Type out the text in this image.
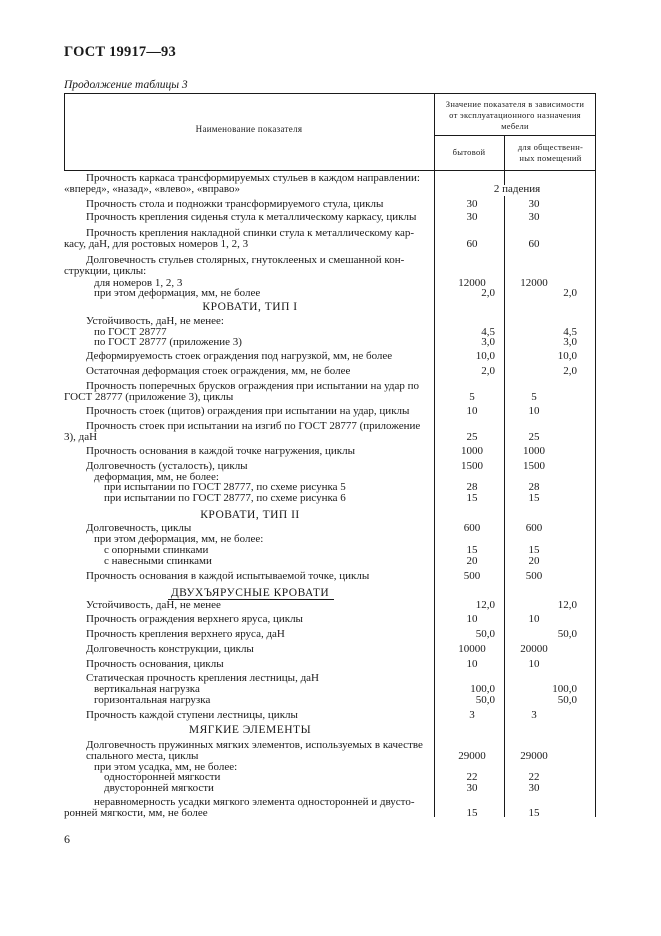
ГОСТ 19917—93
Продолжение таблицы 3
Наименование показателя
Значение показателя в зависимости
от эксплуатационного назначения
мебели
бытовой	для общественн-
ных помещений
Прочность каркаса трансформируемых стульев в каждом направлении:
«вперед», «назад», «влево», «вправо»	2 падения
Прочность стола и подножки трансформируемого стула, циклы	30	30
Прочность крепления сиденья стула к металлическому каркасу, циклы	30	30
Прочность крепления накладной спинки стула к металлическому кар-
касу, даН, для ростовых номеров 1, 2, 3	60	60
Долговечность стульев столярных, гнутоклееных и смешанной кон-
струкции, циклы:
для номеров 1, 2, 3	12000	12000
при этом деформация, мм, не более	2,0	2,0
КРОВАТИ, ТИП I
Устойчивость, даН, не менее:
по ГОСТ 28777	4,5	4,5
по ГОСТ 28777 (приложение 3)	3,0	3,0
Деформируемость стоек ограждения под нагрузкой, мм, не более	10,0	10,0
Остаточная деформация стоек ограждения, мм, не более	2,0	2,0
Прочность поперечных брусков ограждения при испытании на удар по
ГОСТ 28777 (приложение 3), циклы	5	5
Прочность стоек (щитов) ограждения при испытании на удар, циклы	10	10
Прочность стоек при испытании на изгиб по ГОСТ 28777 (приложение
3), даН	25	25
Прочность основания в каждой точке нагружения, циклы	1000	1000
Долговечность (усталость), циклы	1500	1500
деформация, мм, не более:
при испытании по ГОСТ 28777, по схеме рисунка 5	28	28
при испытании по ГОСТ 28777, по схеме рисунка 6	15	15
КРОВАТИ, ТИП II
Долговечность, циклы	600	600
при этом деформация, мм, не более:
с опорными спинками	15	15
с навесными спинками	20	20
Прочность основания в каждой испытываемой точке, циклы	500	500
ДВУХЪЯРУСНЫЕ КРОВАТИ
Устойчивость, даН, не менее	12,0	12,0
Прочность ограждения верхнего яруса, циклы	10	10
Прочность крепления верхнего яруса, даН	50,0	50,0
Долговечность конструкции, циклы	10000	20000
Прочность основания, циклы	10	10
Статическая прочность крепления лестницы, даН
вертикальная нагрузка	100,0	100,0
горизонтальная нагрузка	50,0	50,0
Прочность каждой ступени лестницы, циклы	3	3
МЯГКИЕ ЭЛЕМЕНТЫ
Долговечность пружинных мягких элементов, используемых в качестве
спального места, циклы	29000	29000
при этом усадка, мм, не более:
односторонней мягкости	22	22
двусторонней мягкости	30	30
неравномерность усадки мягкого элемента односторонней и двусто-
ронней мягкости, мм, не более	15	15
6
